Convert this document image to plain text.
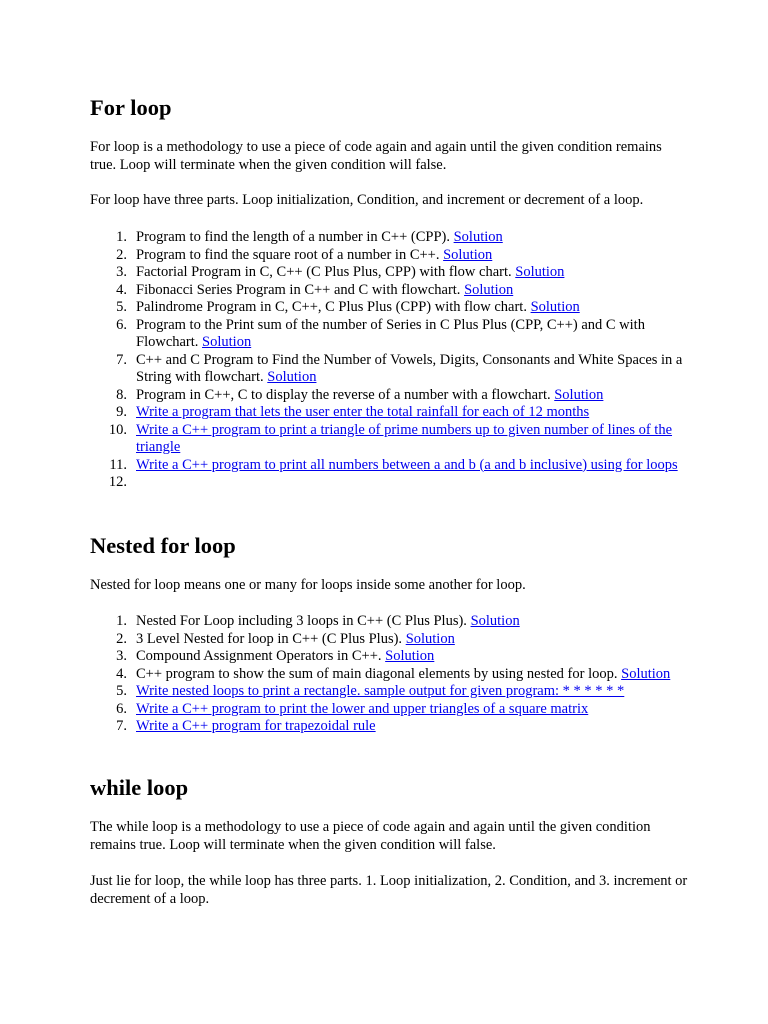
For loop

For loop is a methodology to use a piece of code again and again until the given condition remains true. Loop will terminate when the given condition will false.

For loop have three parts. Loop initialization, Condition, and increment or decrement of a loop.

1. Program to find the length of a number in C++ (CPP). Solution
2. Program to find the square root of a number in C++. Solution
3. Factorial Program in C, C++ (C Plus Plus, CPP) with flow chart. Solution
4. Fibonacci Series Program in C++ and C with flowchart. Solution
5. Palindrome Program in C, C++, C Plus Plus (CPP) with flow chart. Solution
6. Program to the Print sum of the number of Series in C Plus Plus (CPP, C++) and C with Flowchart. Solution
7. C++ and C Program to Find the Number of Vowels, Digits, Consonants and White Spaces in a String with flowchart. Solution
8. Program in C++, C to display the reverse of a number with a flowchart. Solution
9. Write a program that lets the user enter the total rainfall for each of 12 months
10. Write a C++ program to print a triangle of prime numbers up to given number of lines of the triangle
11. Write a C++ program to print all numbers between a and b (a and b inclusive) using for loops
12.
Nested for loop

Nested for loop means one or many for loops inside some another for loop.

1. Nested For Loop including 3 loops in C++ (C Plus Plus). Solution
2. 3 Level Nested for loop in C++ (C Plus Plus). Solution
3. Compound Assignment Operators in C++. Solution
4. C++ program to show the sum of main diagonal elements by using nested for loop. Solution
5. Write nested loops to print a rectangle. sample output for given program: * * * * * *
6. Write a C++ program to print the lower and upper triangles of a square matrix
7. Write a C++ program for trapezoidal rule
while loop

The while loop is a methodology to use a piece of code again and again until the given condition remains true. Loop will terminate when the given condition will false.

Just lie for loop, the while loop has three parts. 1. Loop initialization, 2. Condition, and 3. increment or decrement of a loop.
